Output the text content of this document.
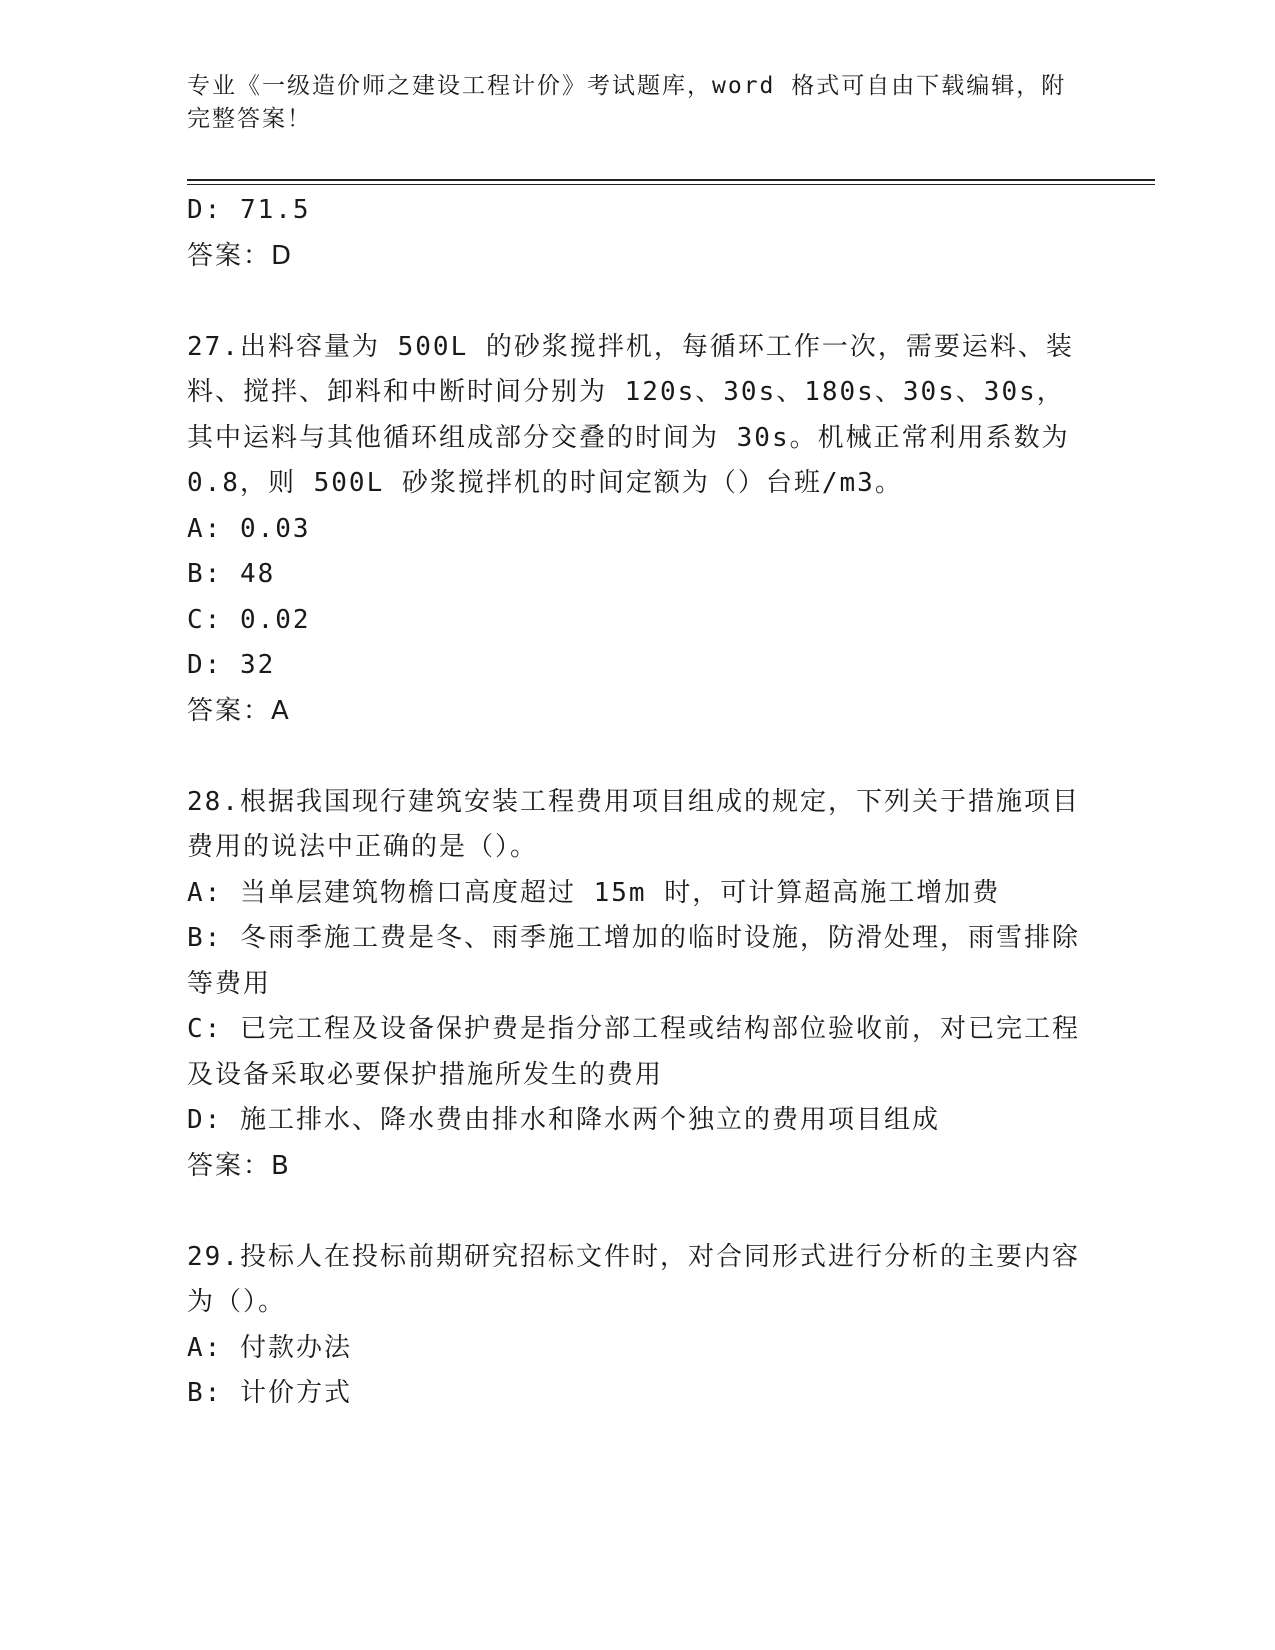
专业《一级造价师之建设工程计价》考试题库，word 格式可自由下载编辑，附完整答案！

D: 71.5

答案：D

27.出料容量为 500L 的砂浆搅拌机，每循环工作一次，需要运料、装料、搅拌、卸料和中断时间分别为 120s、30s、180s、30s、30s，其中运料与其他循环组成部分交叠的时间为 30s。机械正常利用系数为 0.8，则 500L 砂浆搅拌机的时间定额为（）台班/m3。

A: 0.03

B: 48

C: 0.02

D: 32

答案：A

28.根据我国现行建筑安装工程费用项目组成的规定，下列关于措施项目费用的说法中正确的是（）。

A: 当单层建筑物檐口高度超过 15m 时，可计算超高施工增加费

B: 冬雨季施工费是冬、雨季施工增加的临时设施，防滑处理，雨雪排除等费用

C: 已完工程及设备保护费是指分部工程或结构部位验收前，对已完工程及设备采取必要保护措施所发生的费用

D: 施工排水、降水费由排水和降水两个独立的费用项目组成

答案：B

29.投标人在投标前期研究招标文件时，对合同形式进行分析的主要内容为（）。

A: 付款办法

B: 计价方式
